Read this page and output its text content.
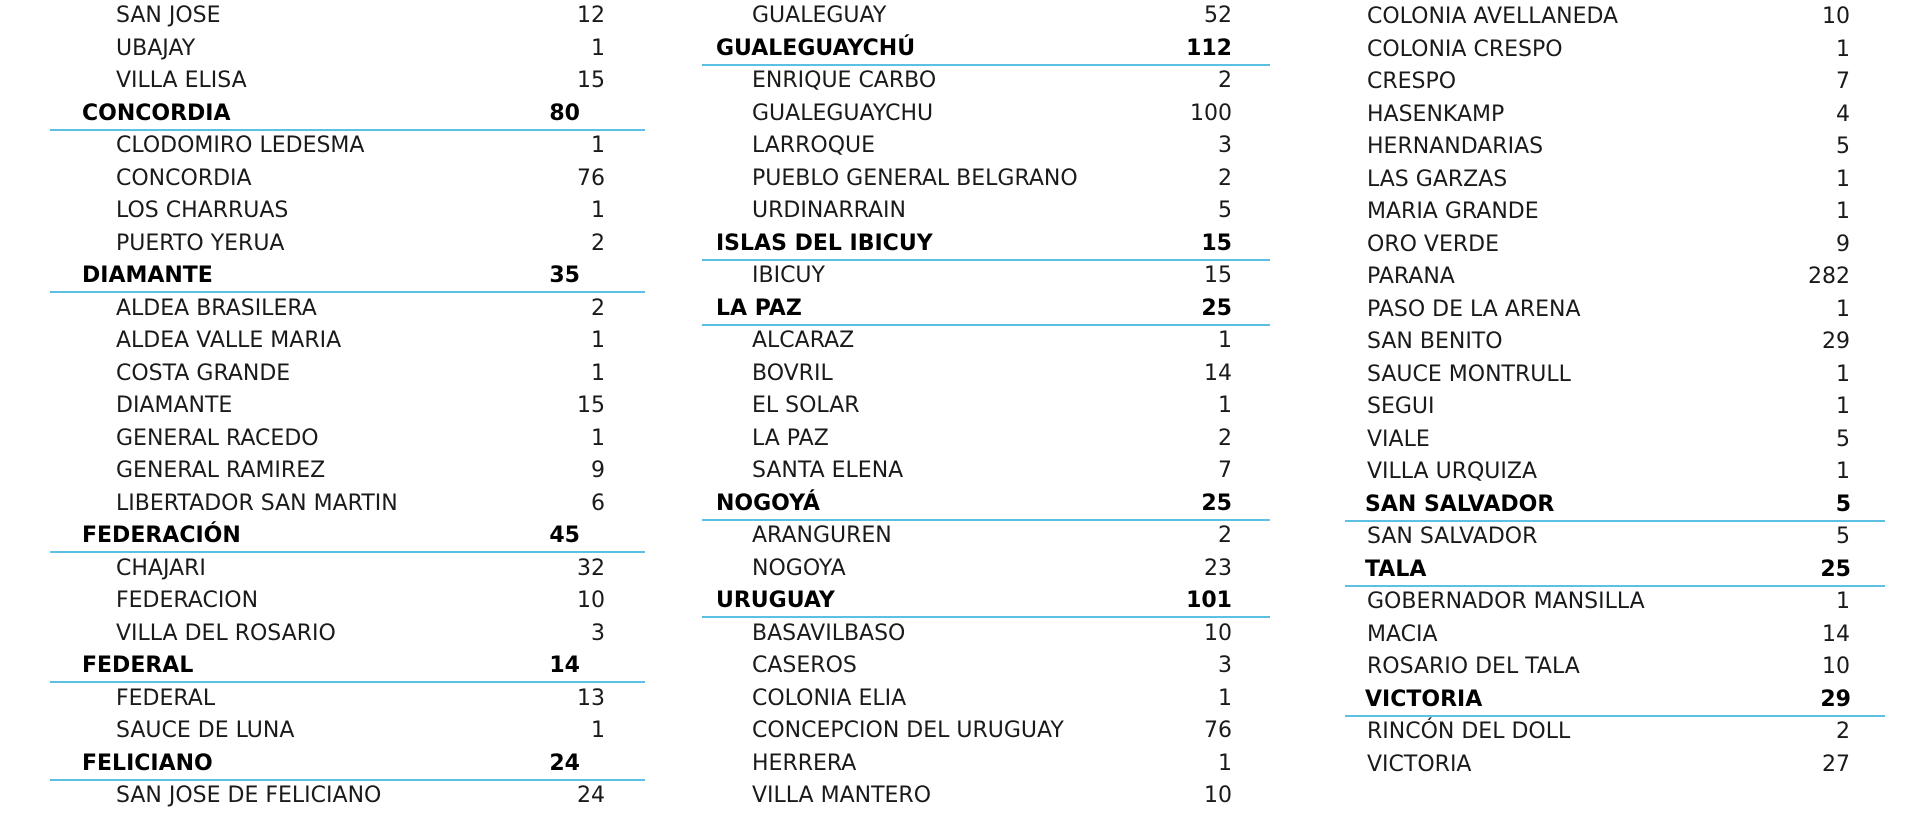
SAN JOSE	12
UBAJAY	1
VILLA ELISA	15
CONCORDIA	80
CLODOMIRO LEDESMA	1
CONCORDIA	76
LOS CHARRUAS	1
PUERTO YERUA	2
DIAMANTE	35
ALDEA BRASILERA	2
ALDEA VALLE MARIA	1
COSTA GRANDE	1
DIAMANTE	15
GENERAL RACEDO	1
GENERAL RAMIREZ	9
LIBERTADOR SAN MARTIN	6
FEDERACIÓN	45
CHAJARI	32
FEDERACION	10
VILLA DEL ROSARIO	3
FEDERAL	14
FEDERAL	13
SAUCE DE LUNA	1
FELICIANO	24
SAN JOSE DE FELICIANO	24
GUALEGUAY	52
GUALEGUAYCHÚ	112
ENRIQUE CARBO	2
GUALEGUAYCHU	100
LARROQUE	3
PUEBLO GENERAL BELGRANO	2
URDINARRAIN	5
ISLAS DEL IBICUY	15
IBICUY	15
LA PAZ	25
ALCARAZ	1
BOVRIL	14
EL SOLAR	1
LA PAZ	2
SANTA ELENA	7
NOGOYÁ	25
ARANGUREN	2
NOGOYA	23
URUGUAY	101
BASAVILBASO	10
CASEROS	3
COLONIA ELIA	1
CONCEPCION DEL URUGUAY	76
HERRERA	1
VILLA MANTERO	10
COLONIA AVELLANEDA	10
COLONIA CRESPO	1
CRESPO	7
HASENKAMP	4
HERNANDARIAS	5
LAS GARZAS	1
MARIA GRANDE	1
ORO VERDE	9
PARANA	282
PASO DE LA ARENA	1
SAN BENITO	29
SAUCE MONTRULL	1
SEGUI	1
VIALE	5
VILLA URQUIZA	1
SAN SALVADOR	5
SAN SALVADOR	5
TALA	25
GOBERNADOR MANSILLA	1
MACIA	14
ROSARIO DEL TALA	10
VICTORIA	29
RINCÓN DEL DOLL	2
VICTORIA	27
